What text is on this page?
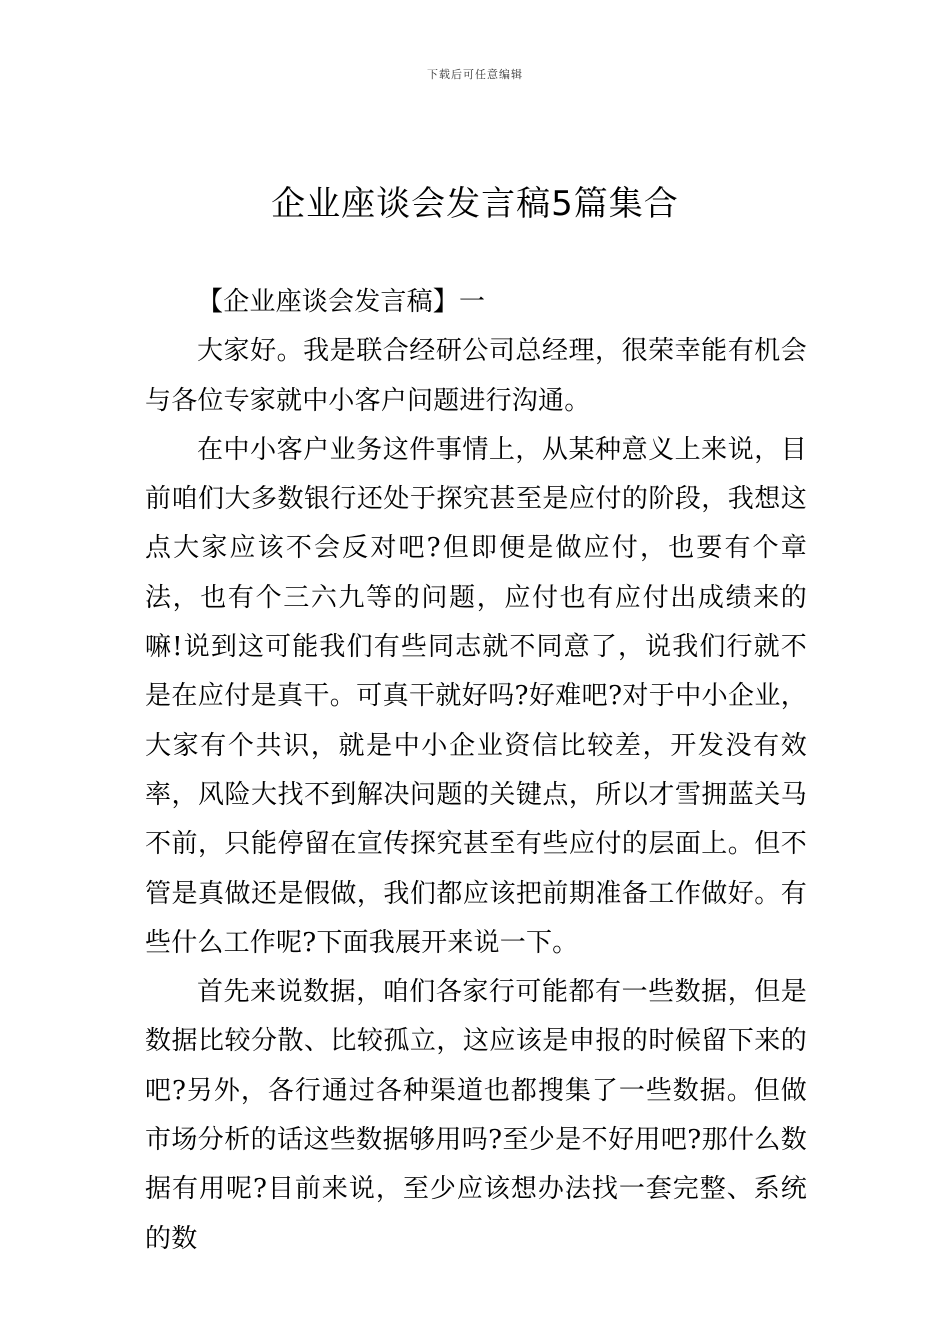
下载后可任意编辑
企业座谈会发言稿5篇集合

【企业座谈会发言稿】一

大家好。我是联合经研公司总经理，很荣幸能有机会与各位专家就中小客户问题进行沟通。

在中小客户业务这件事情上，从某种意义上来说，目前咱们大多数银行还处于探究甚至是应付的阶段，我想这点大家应该不会反对吧?但即便是做应付，也要有个章法，也有个三六九等的问题，应付也有应付出成绩来的嘛!说到这可能我们有些同志就不同意了，说我们行就不是在应付是真干。可真干就好吗?好难吧?对于中小企业，大家有个共识，就是中小企业资信比较差，开发没有效率，风险大找不到解决问题的关键点，所以才雪拥蓝关马不前，只能停留在宣传探究甚至有些应付的层面上。但不管是真做还是假做，我们都应该把前期准备工作做好。有些什么工作呢?下面我展开来说一下。

首先来说数据，咱们各家行可能都有一些数据，但是数据比较分散、比较孤立，这应该是申报的时候留下来的吧?另外，各行通过各种渠道也都搜集了一些数据。但做市场分析的话这些数据够用吗?至少是不好用吧?那什么数据有用呢?目前来说，至少应该想办法找一套完整、系统的数
